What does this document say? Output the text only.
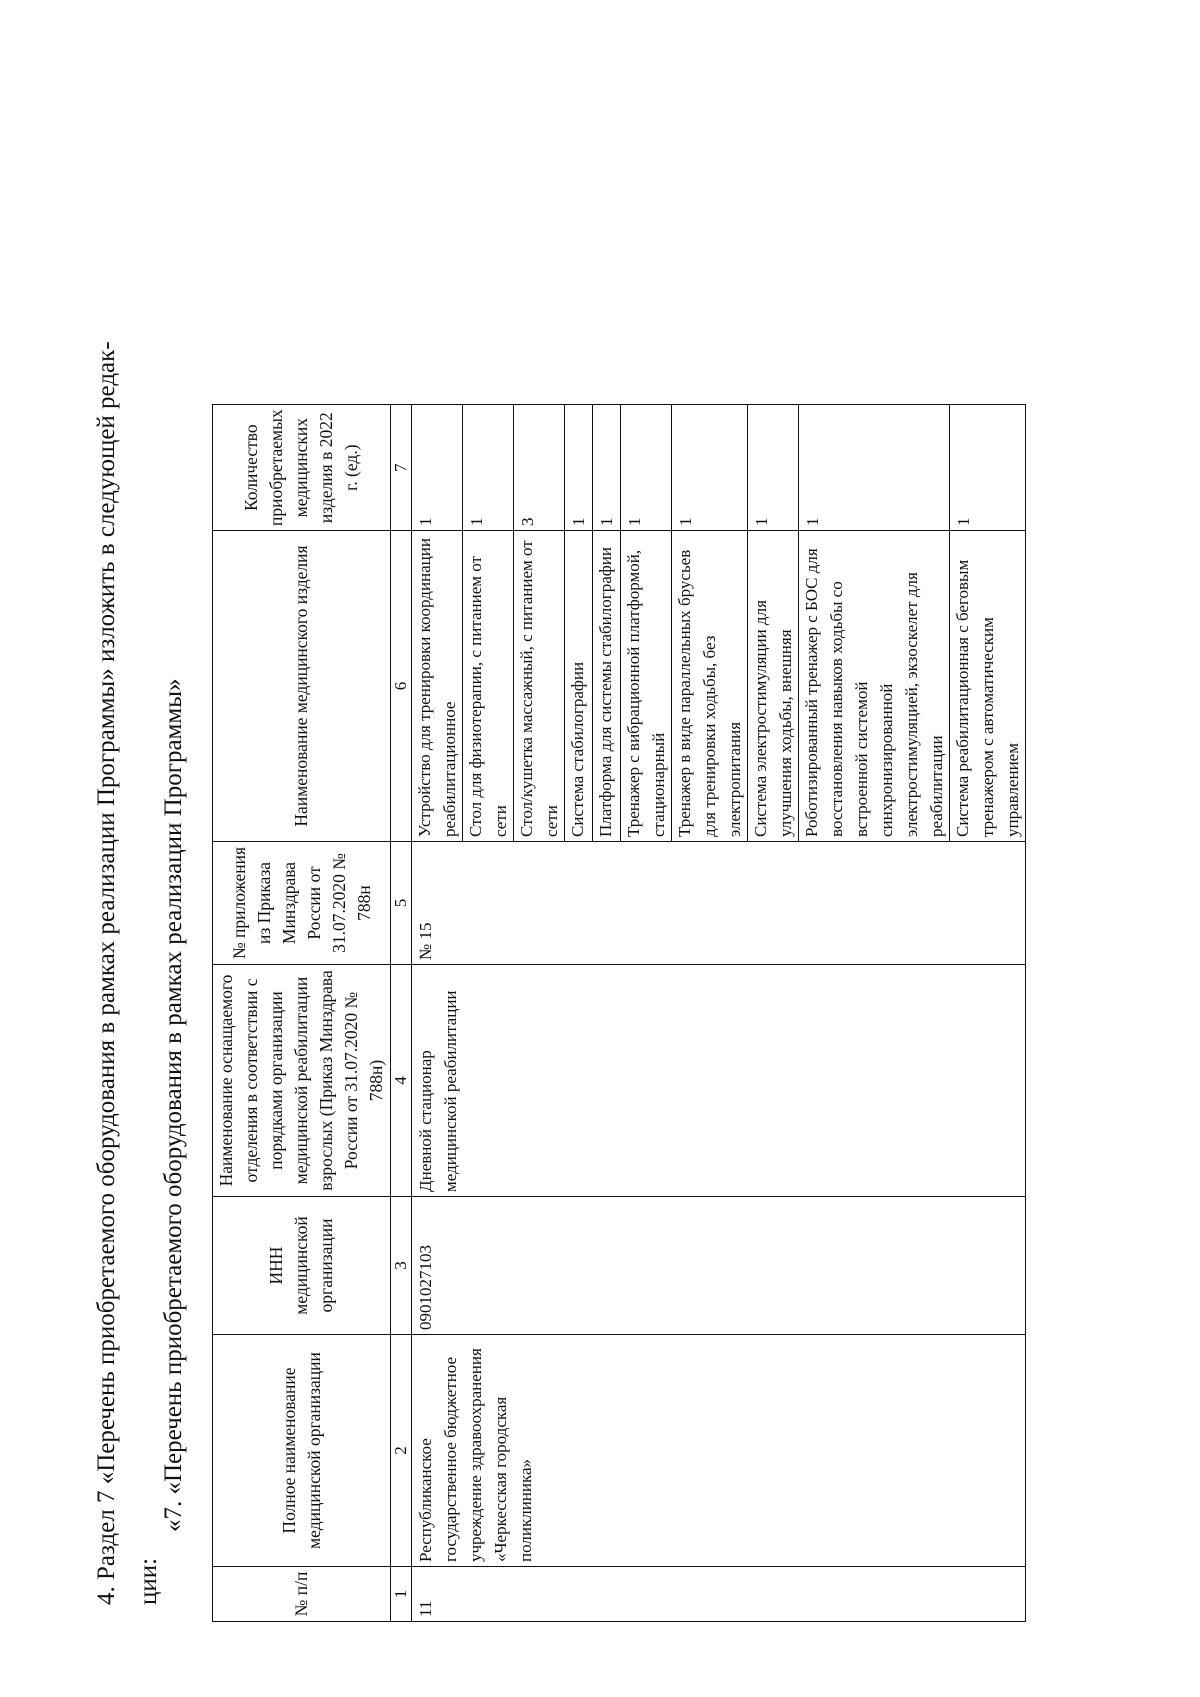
4. Раздел 7 «Перечень приобретаемого оборудования в рамках реализации Программы» изложить в следующей редак- ции:
«7. «Перечень приобретаемого оборудования в рамках реализации Программы»
№ п/п	Полное наименование медицинской организации	ИНН медицинской организации	Наименование оснащаемого отделения в соответствии с порядками организации медицинской реабилитации взрослых (Приказ Минздрава России от 31.07.2020 № 788н)	№ приложения из Приказа Минздрава России от 31.07.2020 № 788н	Наименование медицинского изделия	Количество приобретаемых медицинских изделия в 2022 г. (ед.)
1	2	3	4	5	6	7
11	Республиканское государственное бюджетное учреждение здравоохранения «Черкесская городская поликлиника»	0901027103	Дневной стационар медицинской реабилитации	№ 15	Устройство для тренировки координации реабилитационное	1
					Стол для физиотерапии, с питанием от сети	1
					Стол/кушетка массажный, с питанием от сети	3
					Система стабилографии	1
					Платформа для системы стабилографии	1
					Тренажер с вибрационной платформой, стационарный	1
					Тренажер в виде параллельных брусьев для тренировки ходьбы, без электропитания	1
					Система электростимуляции для улучшения ходьбы, внешняя	1
					Роботизированный тренажер с БОС для восстановления навыков ходьбы со встроенной системой синхронизированной электростимуляцией, экзоскелет для реабилитации	1
					Система реабилитационная с беговым тренажером с автоматическим управлением	1
